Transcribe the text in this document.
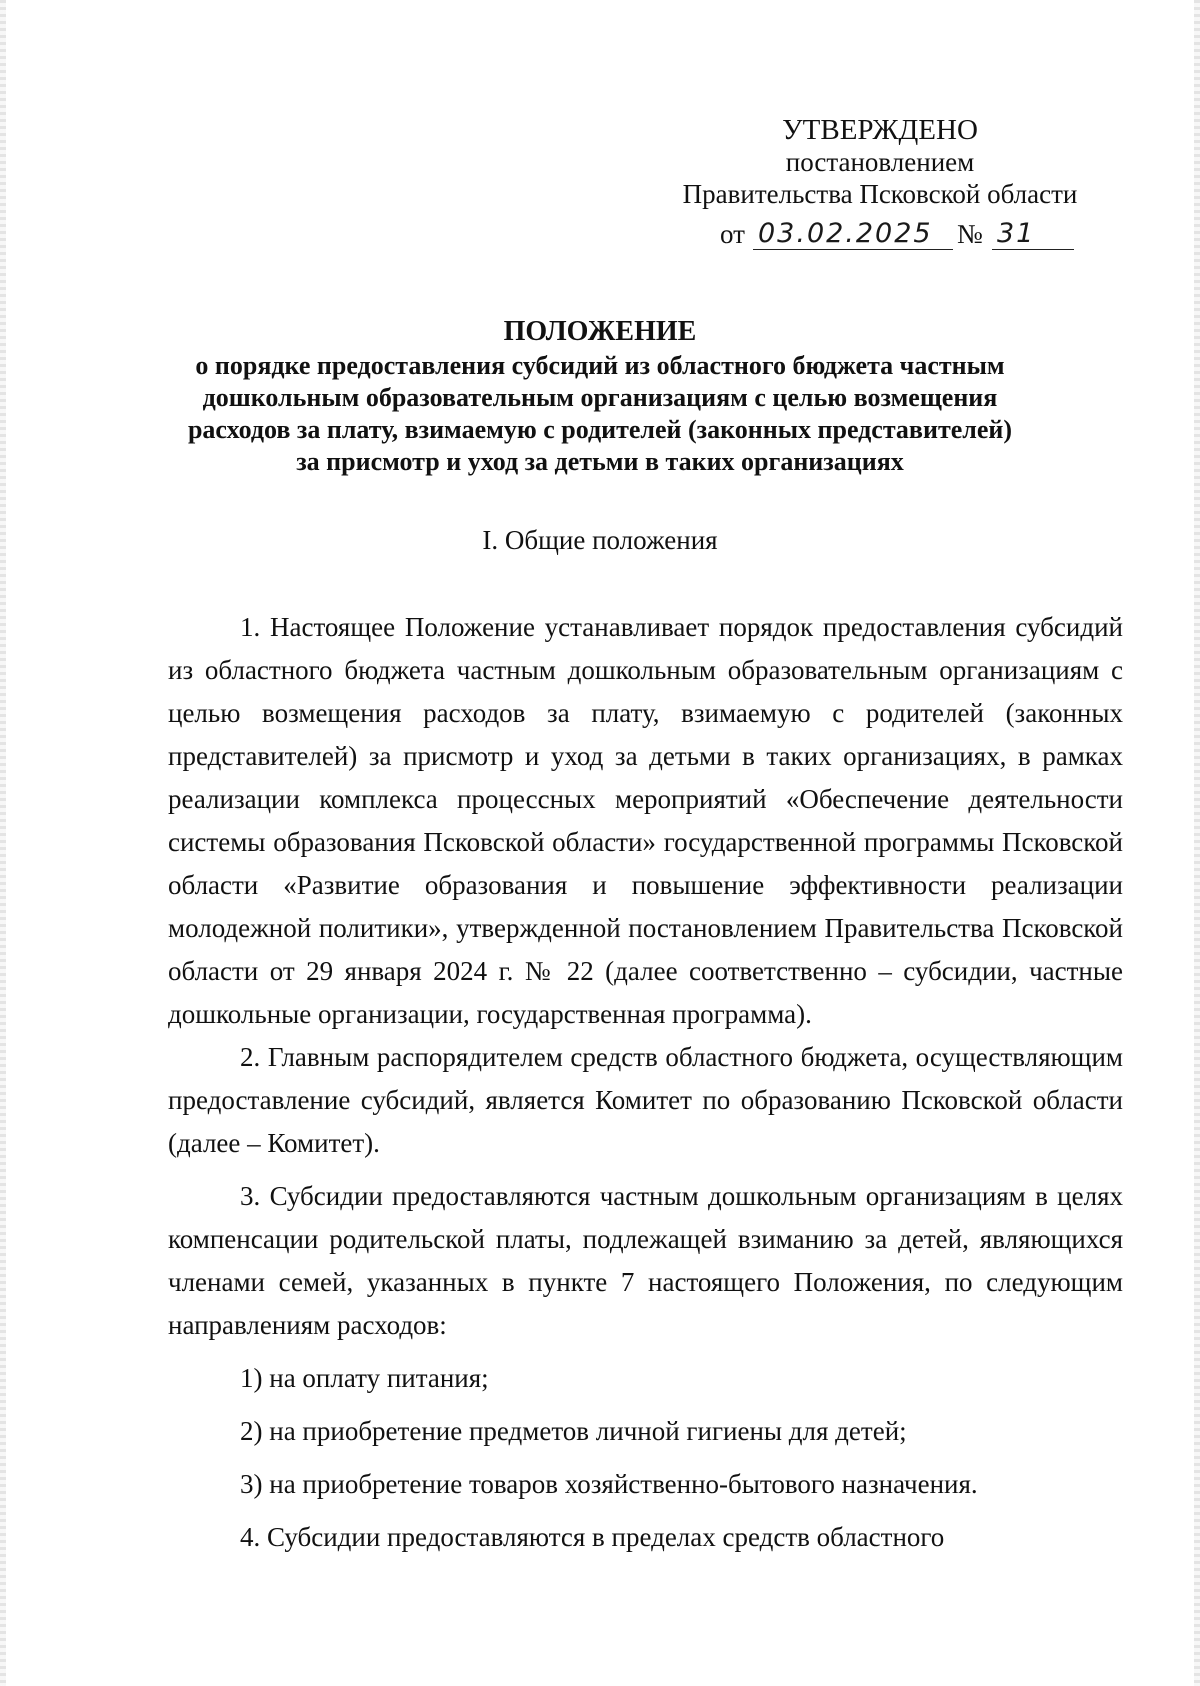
УТВЕРЖДЕНО
постановлением
Правительства Псковской области
от 03.02.2025 № 31
ПОЛОЖЕНИЕ
о порядке предоставления субсидий из областного бюджета частным
дошкольным образовательным организациям с целью возмещения
расходов за плату, взимаемую с родителей (законных представителей)
за присмотр и уход за детьми в таких организациях
I. Общие положения

1. Настоящее Положение устанавливает порядок предоставления субсидий из областного бюджета частным дошкольным образовательным организациям с целью возмещения расходов за плату, взимаемую с родителей (законных представителей) за присмотр и уход за детьми в таких организациях, в рамках реализации комплекса процессных мероприятий «Обеспечение деятельности системы образования Псковской области» государственной программы Псковской области «Развитие образования и повышение эффективности реализации молодежной политики», утвержденной постановлением Правительства Псковской области от 29 января 2024 г. № 22 (далее соответственно – субсидии, частные дошкольные организации, государственная программа).

2. Главным распорядителем средств областного бюджета, осуществляющим предоставление субсидий, является Комитет по образованию Псковской области (далее – Комитет).

3. Субсидии предоставляются частным дошкольным организациям в целях компенсации родительской платы, подлежащей взиманию за детей, являющихся членами семей, указанных в пункте 7 настоящего Положения, по следующим направлениям расходов:

1) на оплату питания;

2) на приобретение предметов личной гигиены для детей;

3) на приобретение товаров хозяйственно-бытового назначения.

4. Субсидии предоставляются в пределах средств областного
